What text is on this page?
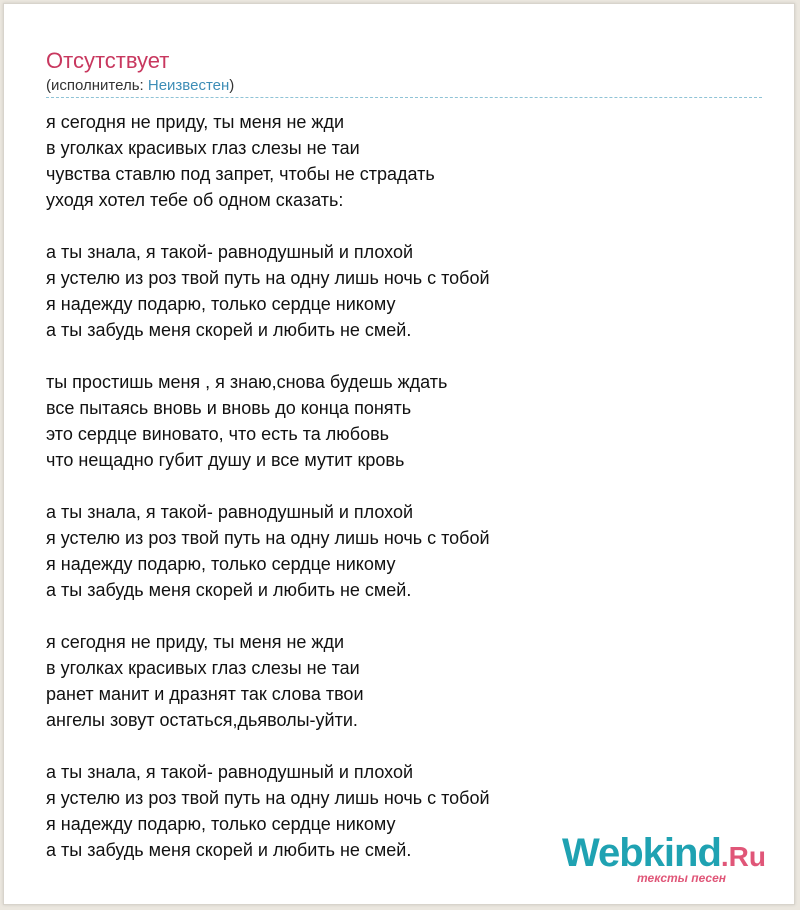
Отсутствует
(исполнитель: Неизвестен)
я сегодня не приду, ты меня не жди
в уголках красивых глаз слезы не таи
чувства ставлю под запрет, чтобы не страдать
уходя хотел тебе об одном сказать:
а ты знала, я такой- равнодушный и плохой
я устелю из роз твой путь на одну лишь ночь с тобой
я надежду подарю, только сердце никому
а ты забудь меня скорей и любить не смей.
ты простишь меня , я знаю,снова будешь ждать
все пытаясь вновь и вновь до конца понять
это сердце виновато, что есть та любовь
что нещадно губит душу и все мутит кровь
а ты знала, я такой- равнодушный и плохой
я устелю из роз твой путь на одну лишь ночь с тобой
я надежду подарю, только сердце никому
а ты забудь меня скорей и любить не смей.
я сегодня не приду, ты меня не жди
в уголках красивых глаз слезы не таи
ранет манит и дразнят так слова твои
ангелы зовут остаться,дьяволы-уйти.
а ты знала, я такой- равнодушный и плохой
я устелю из роз твой путь на одну лишь ночь с тобой
я надежду подарю, только сердце никому
а ты забудь меня скорей и любить не смей.	Webkind.Ru
тексты песен
